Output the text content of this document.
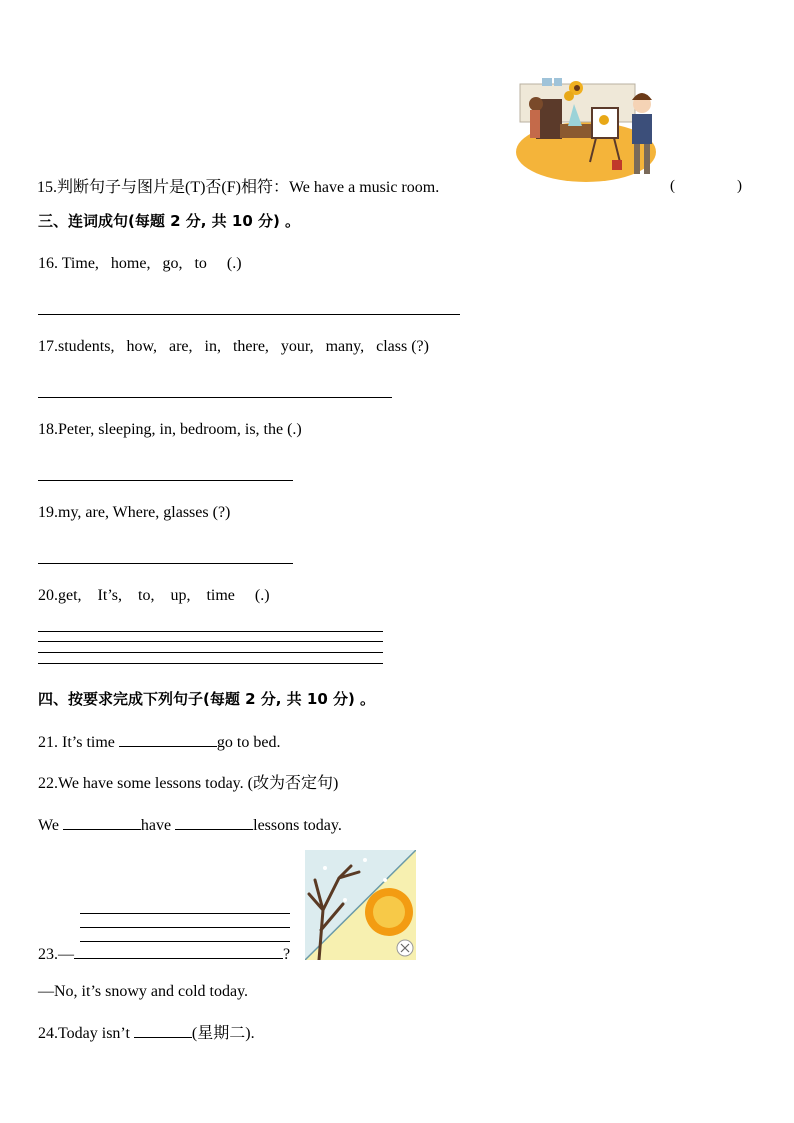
15.判断句子与图片是(T)否(F)相符：We have a music room.	(	)
三、连词成句(每题 2 分, 共 10 分) 。
16. Time,   home,   go,   to     (.)
17.students,   how,   are,   in,   there,   your,   many,   class (?)
18.Peter, sleeping, in, bedroom, is, the (.)
19.my, are, Where, glasses (?)
20.get,    It’s,    to,    up,    time     (.)
四、按要求完成下列句子(每题 2 分, 共 10 分) 。
21. It’s time	go to bed.
22.We have some lessons today. (改为否定句)
We	have	lessons today.
23.—	?
—No, it’s snowy and cold today.
24.Today isn’t	(星期二).
